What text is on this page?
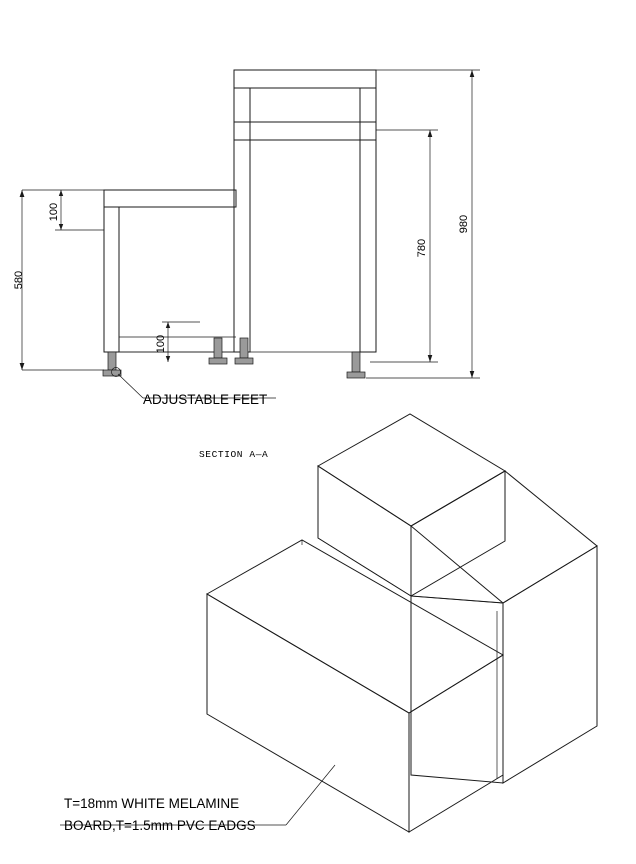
580
100
100
780
980
ADJUSTABLE FEET
SECTION A—A
T=18mm WHITE MELAMINE
BOARD,T=1.5mm PVC EADGS
